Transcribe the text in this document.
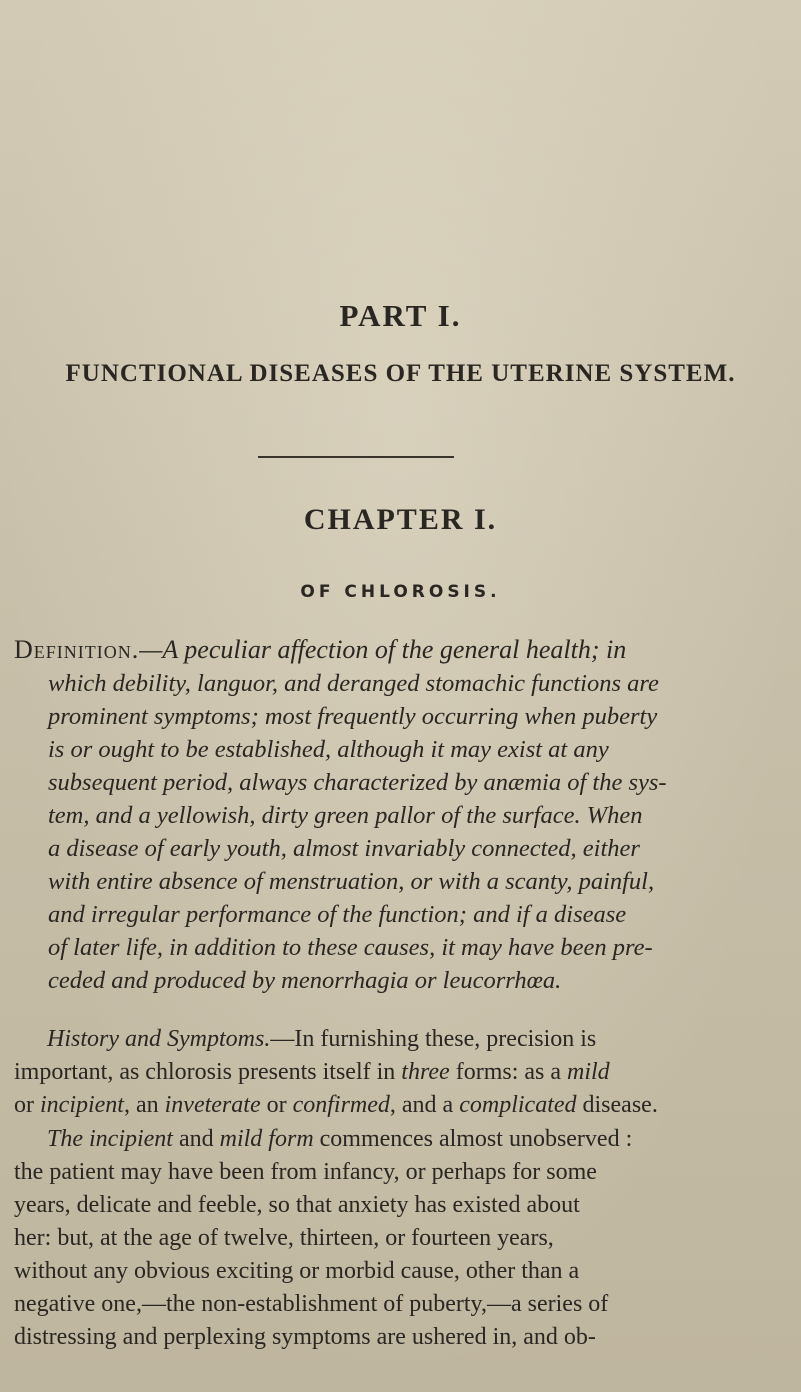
PART I.
FUNCTIONAL DISEASES OF THE UTERINE SYSTEM.
CHAPTER I.
OF CHLOROSIS.
Definition.—A peculiar affection of the general health; in
which debility, languor, and deranged stomachic functions are
prominent symptoms; most frequently occurring when puberty
is or ought to be established, although it may exist at any
subsequent period, always characterized by anæmia of the sys-
tem, and a yellowish, dirty green pallor of the surface. When
a disease of early youth, almost invariably connected, either
with entire absence of menstruation, or with a scanty, painful,
and irregular performance of the function; and if a disease
of later life, in addition to these causes, it may have been pre-
ceded and produced by menorrhagia or leucorrhœa.
History and Symptoms.—In furnishing these, precision is
important, as chlorosis presents itself in three forms: as a mild
or incipient, an inveterate or confirmed, and a complicated disease.
The incipient and mild form commences almost unobserved :
the patient may have been from infancy, or perhaps for some
years, delicate and feeble, so that anxiety has existed about
her: but, at the age of twelve, thirteen, or fourteen years,
without any obvious exciting or morbid cause, other than a
negative one,—the non-establishment of puberty,—a series of
distressing and perplexing symptoms are ushered in, and ob-
